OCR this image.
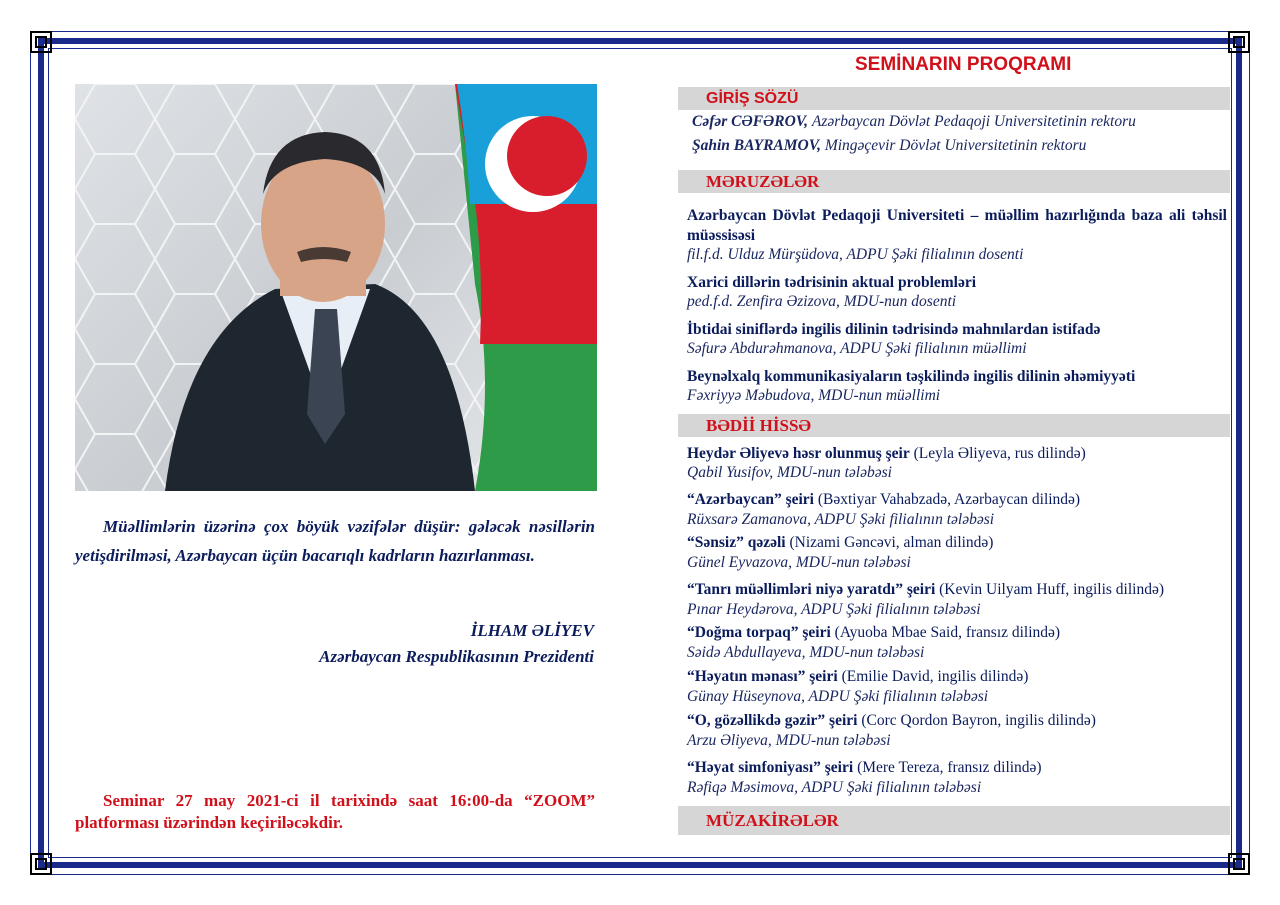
Müəllimlərin üzərinə çox böyük vəzifələr düşür: gələcək nəsillərin yetişdirilməsi, Azərbaycan üçün bacarıqlı kadrların hazırlanması.
İLHAM ƏLİYEV
Azərbaycan Respublikasının Prezidenti
Seminar 27 may 2021-ci il tarixində saat 16:00-da “ZOOM” platforması üzərindən keçiriləcəkdir.
SEMİNARIN PROQRAMI
GİRİŞ SÖZÜ
Cəfər CƏFƏROV, Azərbaycan Dövlət Pedaqoji Universitetinin rektoru
Şahin BAYRAMOV, Mingəçevir Dövlət Universitetinin rektoru
MƏRUZƏLƏR
Azərbaycan Dövlət Pedaqoji Universiteti – müəllim hazırlığında baza ali təhsil müəssisəsi
fil.f.d. Ulduz Mürşüdova, ADPU Şəki filialının dosenti
Xarici dillərin tədrisinin aktual problemləri
ped.f.d. Zenfira Əzizova, MDU-nun dosenti
İbtidai siniflərdə ingilis dilinin tədrisində mahnılardan istifadə
Səfurə Abdurəhmanova, ADPU Şəki filialının müəllimi
Beynəlxalq kommunikasiyaların təşkilində ingilis dilinin əhəmiyyəti
Fəxriyyə Məbudova, MDU-nun müəllimi
BƏDİİ HİSSƏ
Heydər Əliyevə həsr olunmuş şeir (Leyla Əliyeva, rus dilində)
Qabil Yusifov, MDU-nun tələbəsi
“Azərbaycan” şeiri (Bəxtiyar Vahabzadə, Azərbaycan dilində)
Rüxsarə Zamanova, ADPU Şəki filialının tələbəsi
“Sənsiz” qəzəli (Nizami Gəncəvi, alman dilində)
Günel Eyvazova, MDU-nun tələbəsi
“Tanrı müəllimləri niyə yaratdı” şeiri (Kevin Uilyam Huff, ingilis dilində)
Pınar Heydərova, ADPU Şəki filialının tələbəsi
“Doğma torpaq” şeiri (Ayuoba Mbae Said, fransız dilində)
Səidə Abdullayeva, MDU-nun tələbəsi
“Həyatın mənası” şeiri (Emilie David, ingilis dilində)
Günay Hüseynova, ADPU Şəki filialının tələbəsi
“O, gözəllikdə gəzir” şeiri (Corc Qordon Bayron, ingilis dilində)
Arzu Əliyeva, MDU-nun tələbəsi
“Həyat simfoniyası” şeiri (Mere Tereza, fransız dilində)
Rəfiqə Məsimova, ADPU Şəki filialının tələbəsi
MÜZAKİRƏLƏR
